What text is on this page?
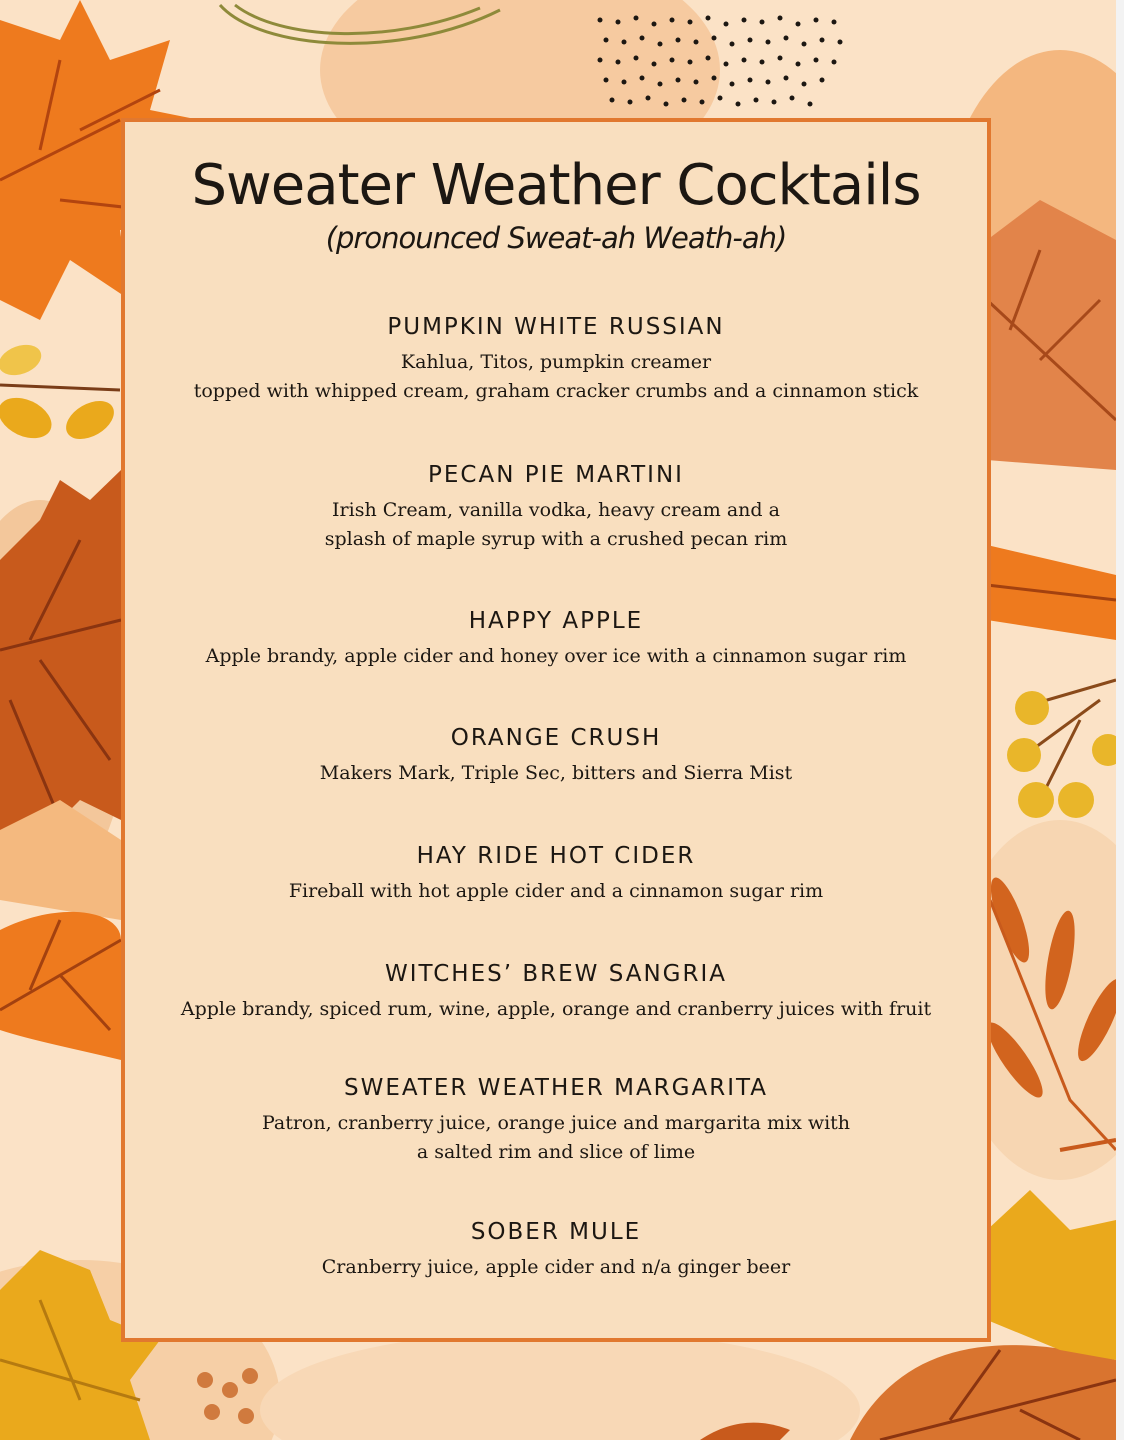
Sweater Weather Cocktails
(pronounced Sweat-ah Weath-ah)
PUMPKIN WHITE RUSSIAN
Kahlua, Titos, pumpkin creamer
topped with whipped cream, graham cracker crumbs and a cinnamon stick
PECAN PIE MARTINI
Irish Cream, vanilla vodka, heavy cream and a
splash of maple syrup with a crushed pecan rim
HAPPY APPLE
Apple brandy, apple cider and honey over ice with a cinnamon sugar rim
ORANGE CRUSH
Makers Mark, Triple Sec, bitters and Sierra Mist
HAY RIDE HOT CIDER
Fireball with hot apple cider and a cinnamon sugar rim
WITCHES’ BREW SANGRIA
Apple brandy, spiced rum, wine, apple, orange and cranberry juices with fruit
SWEATER WEATHER MARGARITA
Patron, cranberry juice, orange juice and margarita mix with
a salted rim and slice of lime
SOBER MULE
Cranberry juice, apple cider and n/a ginger beer
